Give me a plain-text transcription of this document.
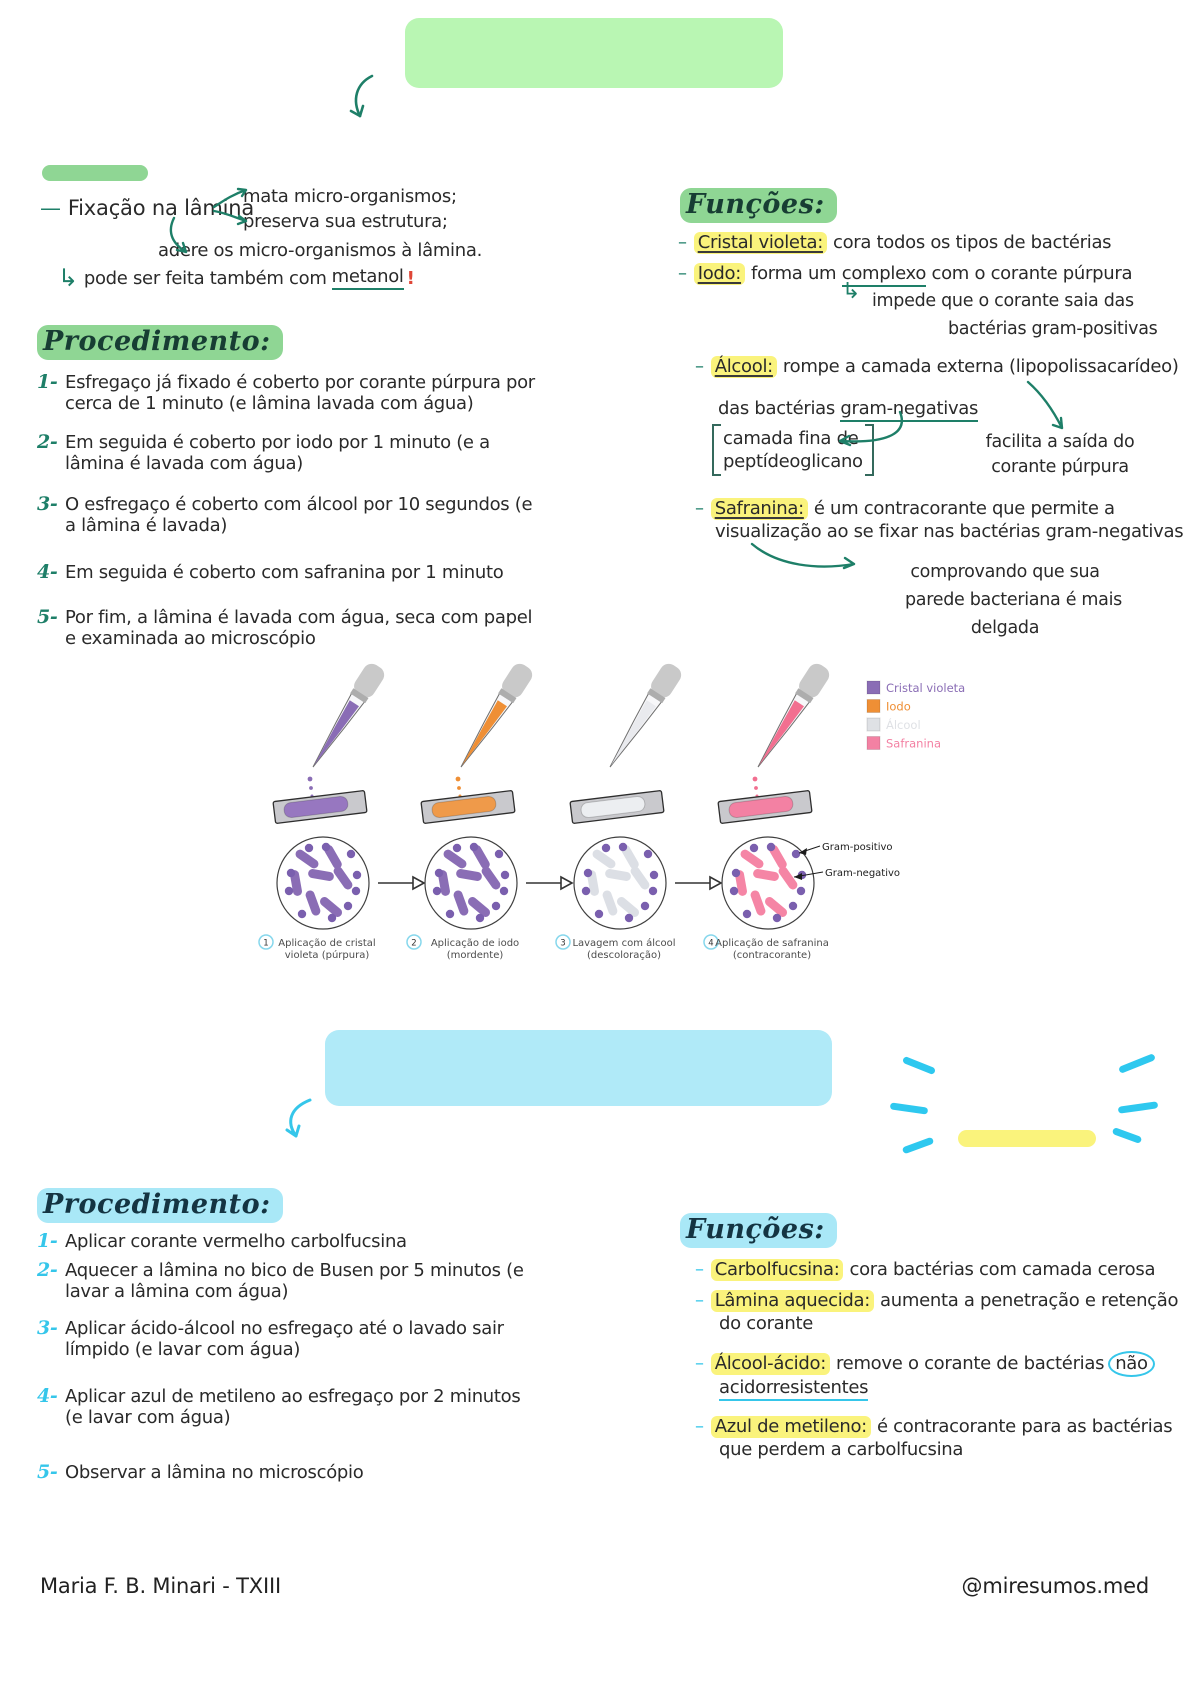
— Fixação na lâmina
mata micro-organismos;
preserva sua estrutura;
adere os micro-organismos à lâmina.
↳ pode ser feita também com metanol !
Procedimento:
1- Esfregaço já fixado é coberto por corante púrpura por cerca de 1 minuto (e lâmina lavada com água)
2- Em seguida é coberto por iodo por 1 minuto (e a lâmina é lavada com água)
3- O esfregaço é coberto com álcool por 10 segundos (e a lâmina é lavada)
4- Em seguida é coberto com safranina por 1 minuto
5- Por fim, a lâmina é lavada com água, seca com papel e examinada ao microscópio
Funções:
– Cristal violeta: cora todos os tipos de bactérias
– Iodo: forma um complexo com o corante púrpura
↳ impede que o corante saia das
bactérias gram-positivas
– Álcool: rompe a camada externa (lipopolissacarídeo)
das bactérias gram-negativas
camada fina de
peptídeoglicano
facilita a saída do
corante púrpura
– Safranina: é um contracorante que permite a
visualização ao se fixar nas bactérias gram-negativas
comprovando que sua
parede bacteriana é mais
delgada
1 Aplicação de cristal
violeta (púrpura)
2 Aplicação de iodo
(mordente)
3 Lavagem com álcool
(descoloração)
4 Aplicação de safranina
(contracorante)
Cristal violeta
Iodo
Álcool
Safranina
Gram-positivo
Gram-negativo
Procedimento:
1- Aplicar corante vermelho carbolfucsina
2- Aquecer a lâmina no bico de Busen por 5 minutos (e lavar a lâmina com água)
3- Aplicar ácido-álcool no esfregaço até o lavado sair límpido (e lavar com água)
4- Aplicar azul de metileno ao esfregaço por 2 minutos (e lavar com água)
5- Observar a lâmina no microscópio
Funções:
– Carbolfucsina: cora bactérias com camada cerosa
– Lâmina aquecida: aumenta a penetração e retenção
do corante
– Álcool-ácido: remove o corante de bactérias não
acidorresistentes
– Azul de metileno: é contracorante para as bactérias
que perdem a carbolfucsina
Maria F. B. Minari - TXIII	@miresumos.med
